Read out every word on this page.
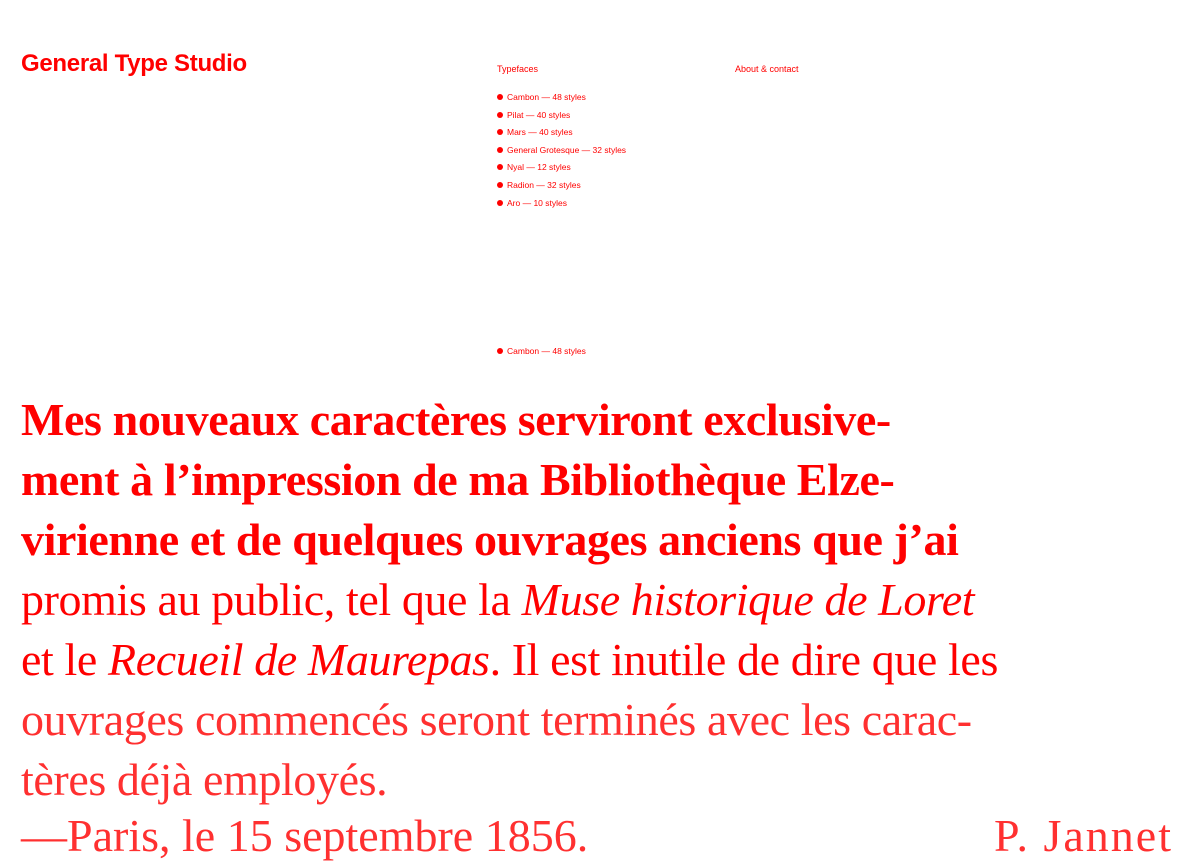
General Type Studio	Typefaces	About & contact
Cambon — 48 styles
Pilat — 40 styles
Mars — 40 styles
General Grotesque — 32 styles
Nyal — 12 styles
Radion — 32 styles
Aro — 10 styles
Cambon — 48 styles

Mes nouveaux caractères serviront exclusive-
ment à l’impression de ma Bibliothèque Elze-
virienne et de quelques ouvrages anciens que j’ai
promis au public, tel que la Muse historique de Loret
et le Recueil de Maurepas. Il est inutile de dire que les
ouvrages commencés seront terminés avec les carac-
tères déjà employés.

—Paris, le 15 septembre 1856.	P. Jannet
